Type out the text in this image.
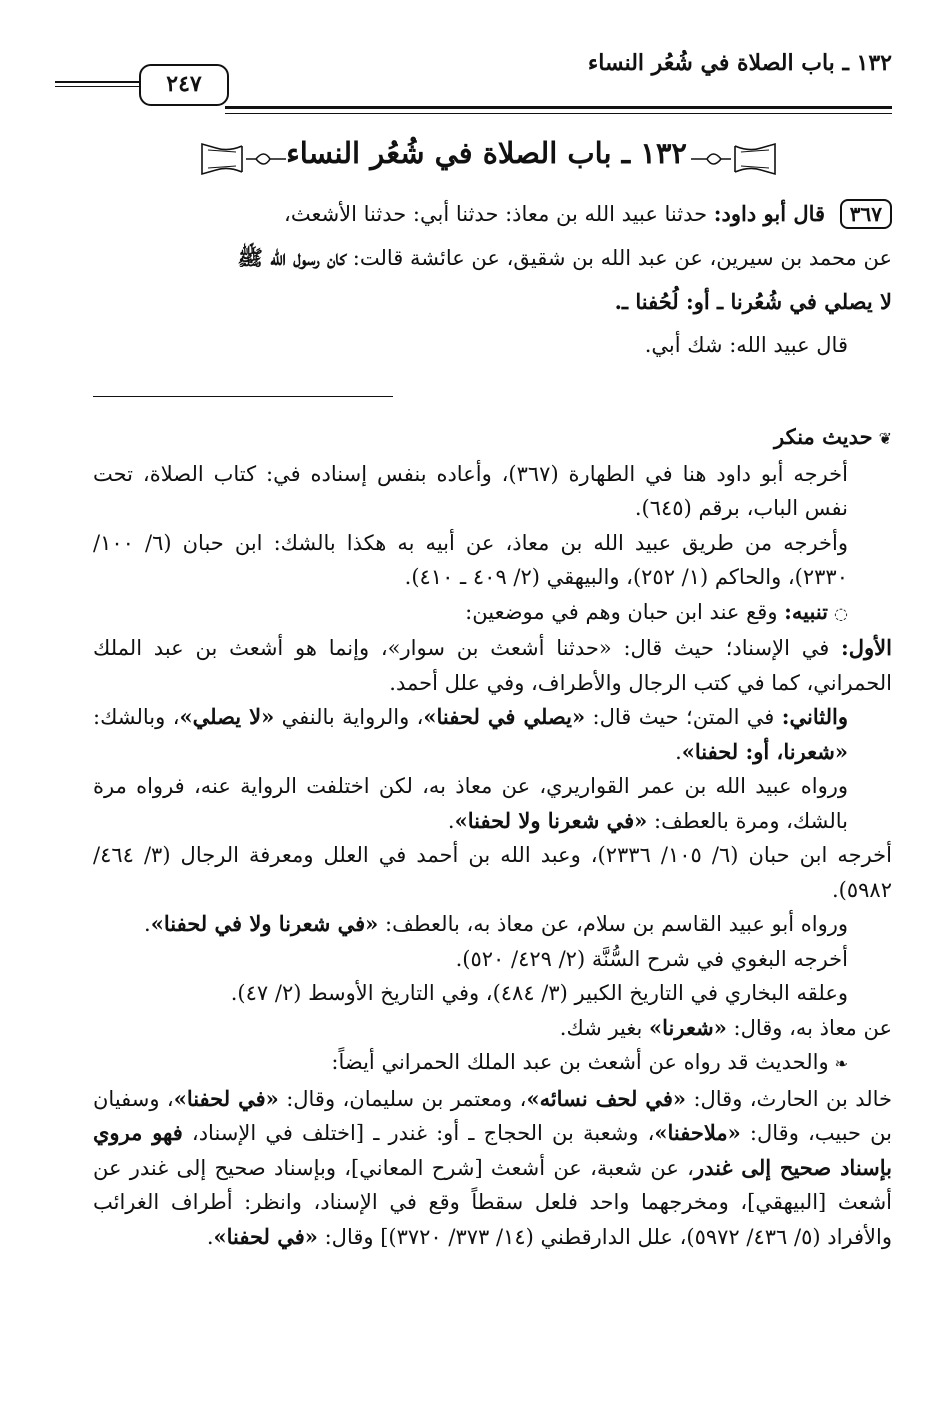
١٣٢ ـ باب الصلاة في شُعُر النساء
٢٤٧
١٣٢ ـ باب الصلاة في شُعُر النساء

٣٦٧ قال أبو داود: حدثنا عبيد الله بن معاذ: حدثنا أبي: حدثنا الأشعث،

عن محمد بن سيرين، عن عبد الله بن شقيق، عن عائشة قالت: كان رسول الله ﷺ

لا يصلي في شُعُرنا ـ أو: لُحُفنا ـ.

قال عبيد الله: شك أبي.

❦حديث منكر

أخرجه أبو داود هنا في الطهارة (٣٦٧)، وأعاده بنفس إسناده في: كتاب الصلاة، تحت نفس الباب، برقم (٦٤٥).

وأخرجه من طريق عبيد الله بن معاذ، عن أبيه به هكذا بالشك: ابن حبان (٦/ ١٠٠/ ٢٣٣٠)، والحاكم (١/ ٢٥٢)، والبيهقي (٢/ ٤٠٩ ـ ٤١٠).

◌تنبيه: وقع عند ابن حبان وهم في موضعين:

الأول: في الإسناد؛ حيث قال: «حدثنا أشعث بن سوار»، وإنما هو أشعث بن عبد الملك الحمراني، كما في كتب الرجال والأطراف، وفي علل أحمد.

والثاني: في المتن؛ حيث قال: «يصلي في لحفنا»، والرواية بالنفي «لا يصلي»، وبالشك: «شعرنا، أو: لحفنا».

ورواه عبيد الله بن عمر القواريري، عن معاذ به، لكن اختلفت الرواية عنه، فرواه مرة بالشك، ومرة بالعطف: «في شعرنا ولا لحفنا».

أخرجه ابن حبان (٦/ ١٠٥/ ٢٣٣٦)، وعبد الله بن أحمد في العلل ومعرفة الرجال (٣/ ٤٦٤/ ٥٩٨٢).

ورواه أبو عبيد القاسم بن سلام، عن معاذ به، بالعطف: «في شعرنا ولا في لحفنا».

أخرجه البغوي في شرح السُّنَّة (٢/ ٤٢٩/ ٥٢٠).

وعلقه البخاري في التاريخ الكبير (٣/ ٤٨٤)، وفي التاريخ الأوسط (٢/ ٤٧).

عن معاذ به، وقال: «شعرنا» بغير شك.

❧والحديث قد رواه عن أشعث بن عبد الملك الحمراني أيضاً:

خالد بن الحارث، وقال: «في لحف نسائه»، ومعتمر بن سليمان، وقال: «في لحفنا»، وسفيان بن حبيب، وقال: «ملاحفنا»، وشعبة بن الحجاج ـ أو: غندر ـ [اختلف في الإسناد، فهو مروي بإسناد صحيح إلى غندر، عن شعبة، عن أشعث [شرح المعاني]، وبإسناد صحيح إلى غندر عن أشعث [البيهقي]، ومخرجهما واحد فلعل سقطاً وقع في الإسناد، وانظر: أطراف الغرائب والأفراد (٥/ ٤٣٦/ ٥٩٧٢)، علل الدارقطني (١٤/ ٣٧٣/ ٣٧٢٠)] وقال: «في لحفنا».
